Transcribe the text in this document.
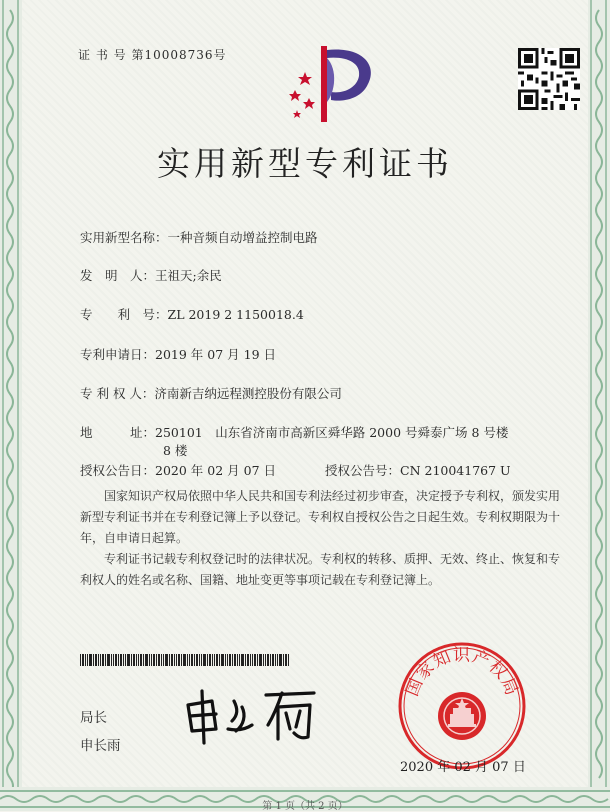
证 书 号 第10008736号
实用新型专利证书
实用新型名称：一种音频自动增益控制电路
发　明　人：王祖天;余民
专　　利　号：ZL 2019 2 1150018.4
专利申请日：2019 年 07 月 19 日
专 利 权 人：济南新吉纳远程测控股份有限公司
地　　　址：250101　山东省济南市高新区舜华路 2000 号舜泰广场 8 号楼
8 楼
授权公告日：2020 年 02 月 07 日	授权公告号：CN 210041767 U
国家知识产权局依照中华人民共和国专利法经过初步审查，决定授予专利权，颁发实用
新型专利证书并在专利登记簿上予以登记。专利权自授权公告之日起生效。专利权期限为十
年，自申请日起算。
专利证书记载专利权登记时的法律状况。专利权的转移、质押、无效、终止、恢复和专
利权人的姓名或名称、国籍、地址变更等事项记载在专利登记簿上。
局长
申长雨
国家知识产权局
2020 年 02 月 07 日
第 1 页（共 2 页）
